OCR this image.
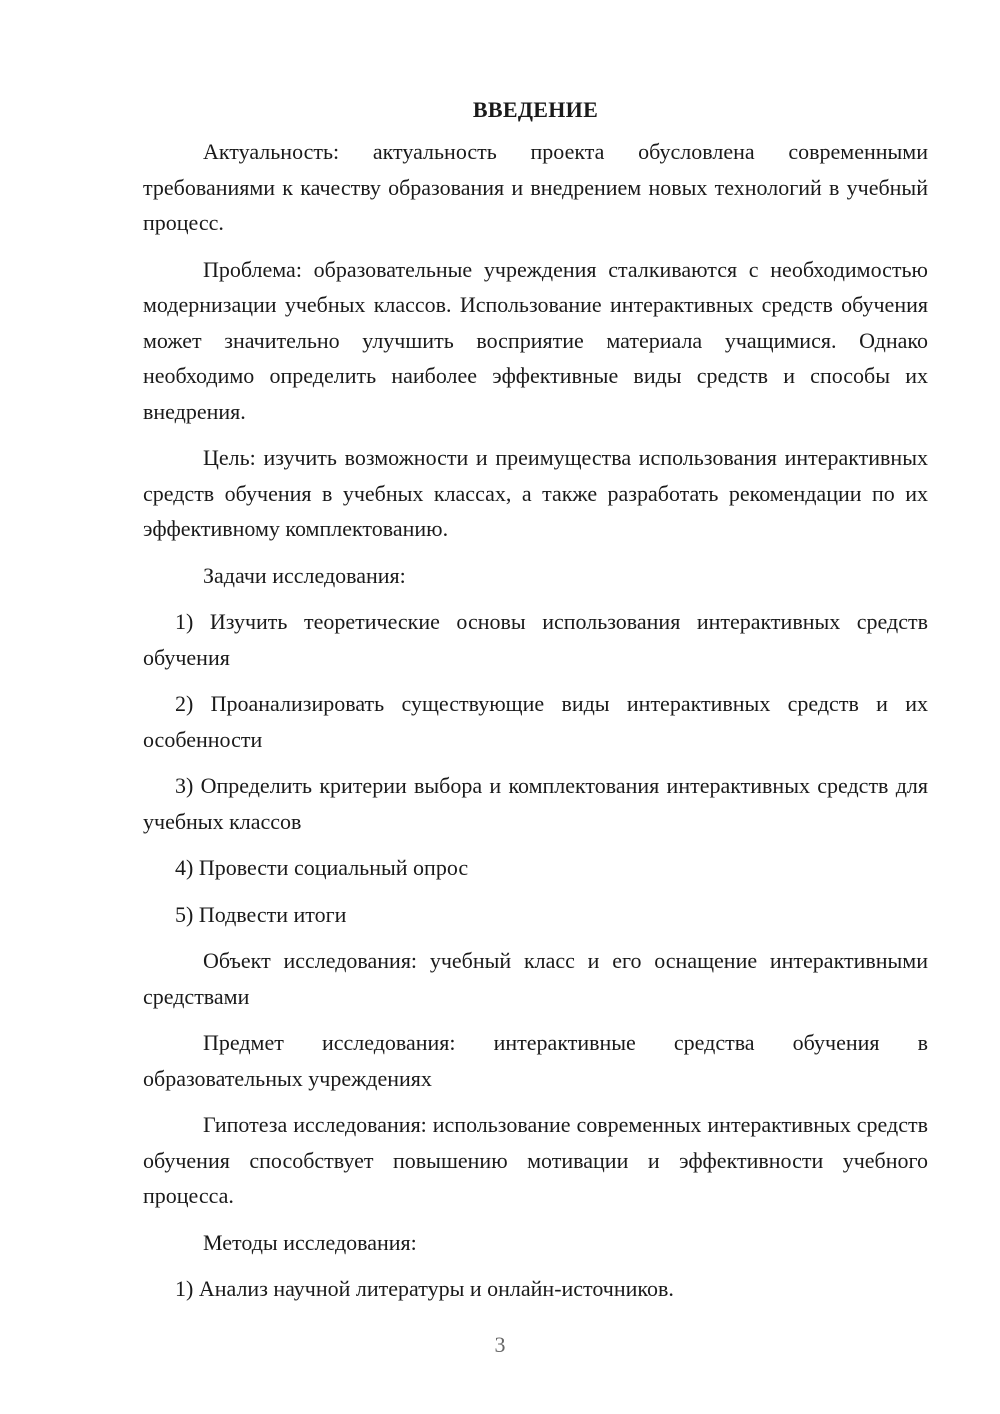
ВВЕДЕНИЕ

Актуальность: актуальность проекта обусловлена современными требованиями к качеству образования и внедрением новых технологий в учебный процесс.

Проблема: образовательные учреждения сталкиваются с необходимостью модернизации учебных классов. Использование интерактивных средств обучения может значительно улучшить восприятие материала учащимися. Однако необходимо определить наиболее эффективные виды средств и способы их внедрения.

Цель: изучить возможности и преимущества использования интерактивных средств обучения в учебных классах, а также разработать рекомендации по их эффективному комплектованию.

Задачи исследования:

1) Изучить теоретические основы использования интерактивных средств обучения

2) Проанализировать существующие виды интерактивных средств и их особенности

3) Определить критерии выбора и комплектования интерактивных средств для учебных классов

4) Провести социальный опрос

5) Подвести итоги

Объект исследования: учебный класс и его оснащение интерактивными средствами

Предмет исследования: интерактивные средства обучения в образовательных учреждениях

Гипотеза исследования: использование современных интерактивных средств обучения способствует повышению мотивации и эффективности учебного процесса.

Методы исследования:

1) Анализ научной литературы и онлайн-источников.

3
